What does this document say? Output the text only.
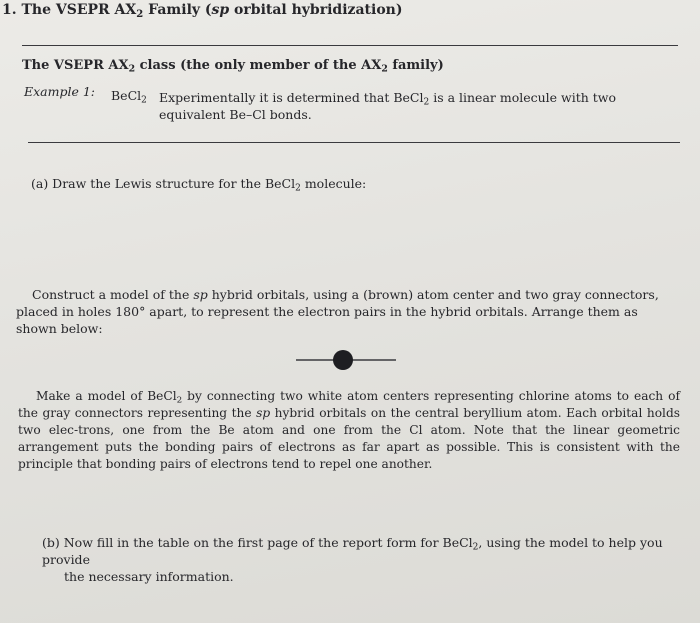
1. The VSEPR $AX_2$ Family (sp orbital hybridization)
The VSEPR $AX_2$ class (the only member of the $AX_2$ family)
Example 1: BeCl$_2$ Experimentally it is determined that BeCl$_2$ is a linear molecule with two equivalent Be–Cl bonds.
(a) Draw the Lewis structure for the BeCl$_2$ molecule:
Construct a model of the sp hybrid orbitals, using a (brown) atom center and two gray connectors, placed in holes 180° apart, to represent the electron pairs in the hybrid orbitals. Arrange them as shown below:
Make a model of BeCl$_2$ by connecting two white atom centers representing chlorine atoms to each of the gray connectors representing the sp hybrid orbitals on the central beryllium atom. Each orbital holds two elec-trons, one from the Be atom and one from the Cl atom. Note that the linear geometric arrangement puts the bonding pairs of electrons as far apart as possible. This is consistent with the principle that bonding pairs of electrons tend to repel one another.
(b) Now fill in the table on the first page of the report form for BeCl$_2$, using the model to help you provide
the necessary information.
